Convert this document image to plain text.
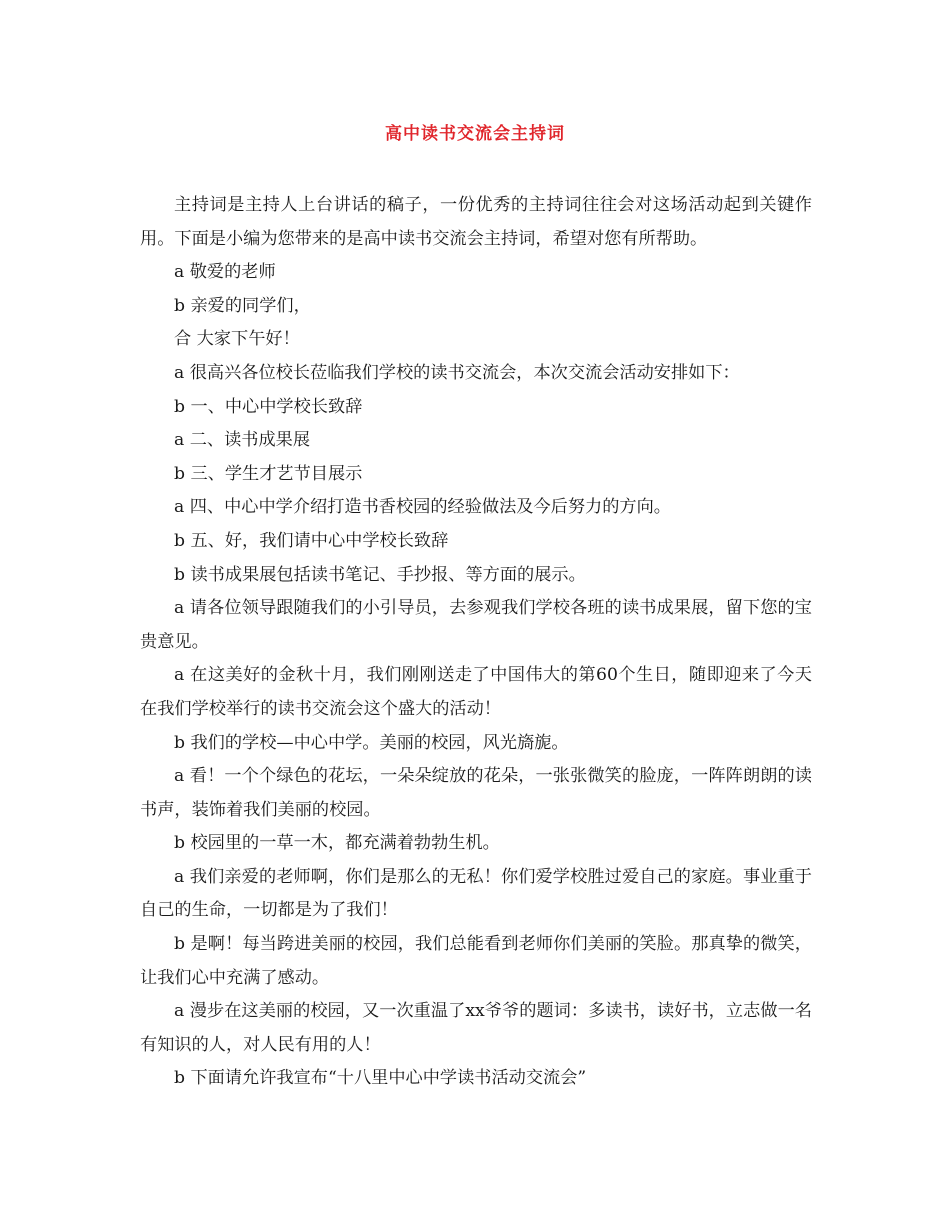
高中读书交流会主持词

主持词是主持人上台讲话的稿子，一份优秀的主持词往往会对这场活动起到关键作用。下面是小编为您带来的是高中读书交流会主持词，希望对您有所帮助。

a 敬爱的老师

b 亲爱的同学们，

合 大家下午好！

a 很高兴各位校长莅临我们学校的读书交流会，本次交流会活动安排如下：

b 一、中心中学校长致辞

a 二、读书成果展

b 三、学生才艺节目展示

a 四、中心中学介绍打造书香校园的经验做法及今后努力的方向。

b 五、好，我们请中心中学校长致辞

b 读书成果展包括读书笔记、手抄报、等方面的展示。

a 请各位领导跟随我们的小引导员，去参观我们学校各班的读书成果展，留下您的宝贵意见。

a 在这美好的金秋十月，我们刚刚送走了中国伟大的第60个生日，随即迎来了今天在我们学校举行的读书交流会这个盛大的活动！

b 我们的学校—中心中学。美丽的校园，风光旖旎。

a 看！一个个绿色的花坛，一朵朵绽放的花朵，一张张微笑的脸庞，一阵阵朗朗的读书声，装饰着我们美丽的校园。

b 校园里的一草一木，都充满着勃勃生机。

a 我们亲爱的老师啊，你们是那么的无私！你们爱学校胜过爱自己的家庭。事业重于自己的生命，一切都是为了我们！

b 是啊！每当跨进美丽的校园，我们总能看到老师你们美丽的笑脸。那真挚的微笑，让我们心中充满了感动。

a 漫步在这美丽的校园，又一次重温了xx爷爷的题词：多读书，读好书，立志做一名有知识的人，对人民有用的人！

b 下面请允许我宣布“十八里中心中学读书活动交流会”
